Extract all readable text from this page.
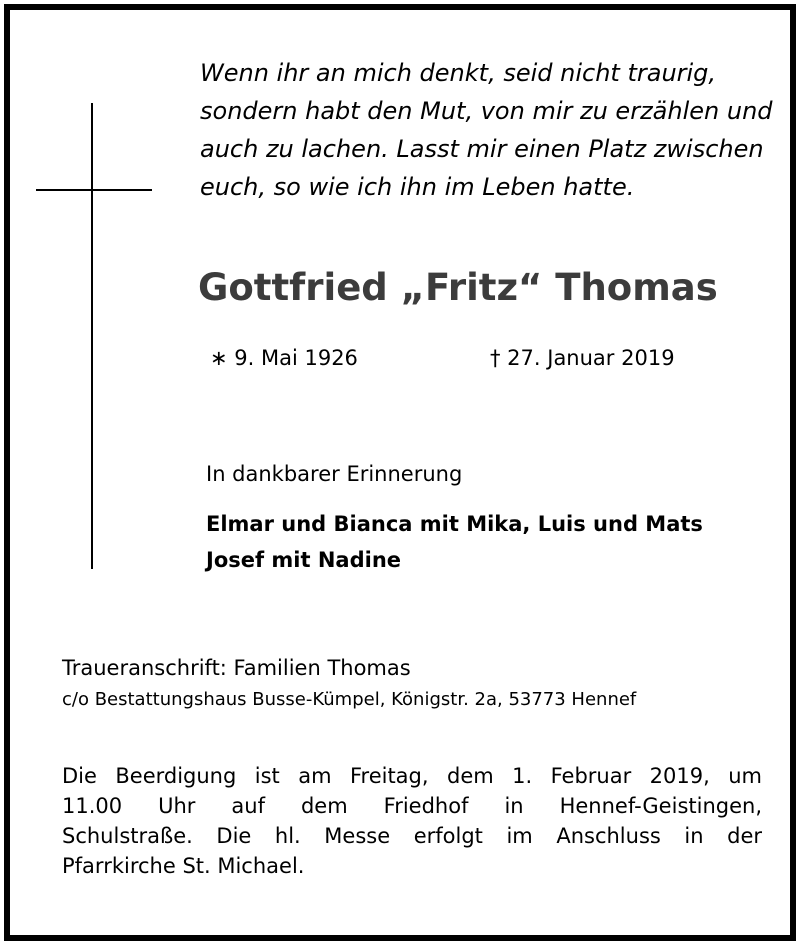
Wenn ihr an mich denkt, seid nicht traurig,
sondern habt den Mut, von mir zu erzählen und
auch zu lachen. Lasst mir einen Platz zwischen
euch, so wie ich ihn im Leben hatte.

Gottfried „Fritz“ Thomas
∗ 9. Mai 1926	† 27. Januar 2019
In dankbarer Erinnerung
Elmar und Bianca mit Mika, Luis und Mats
Josef mit Nadine
Traueranschrift: Familien Thomas
c/o Bestattungshaus Busse-Kümpel, Königstr. 2a, 53773 Hennef
Die Beerdigung ist am Freitag, dem 1. Februar 2019, um
11.00 Uhr auf dem Friedhof in Hennef-Geistingen,
Schulstraße. Die hl. Messe erfolgt im Anschluss in der
Pfarrkirche St. Michael.
